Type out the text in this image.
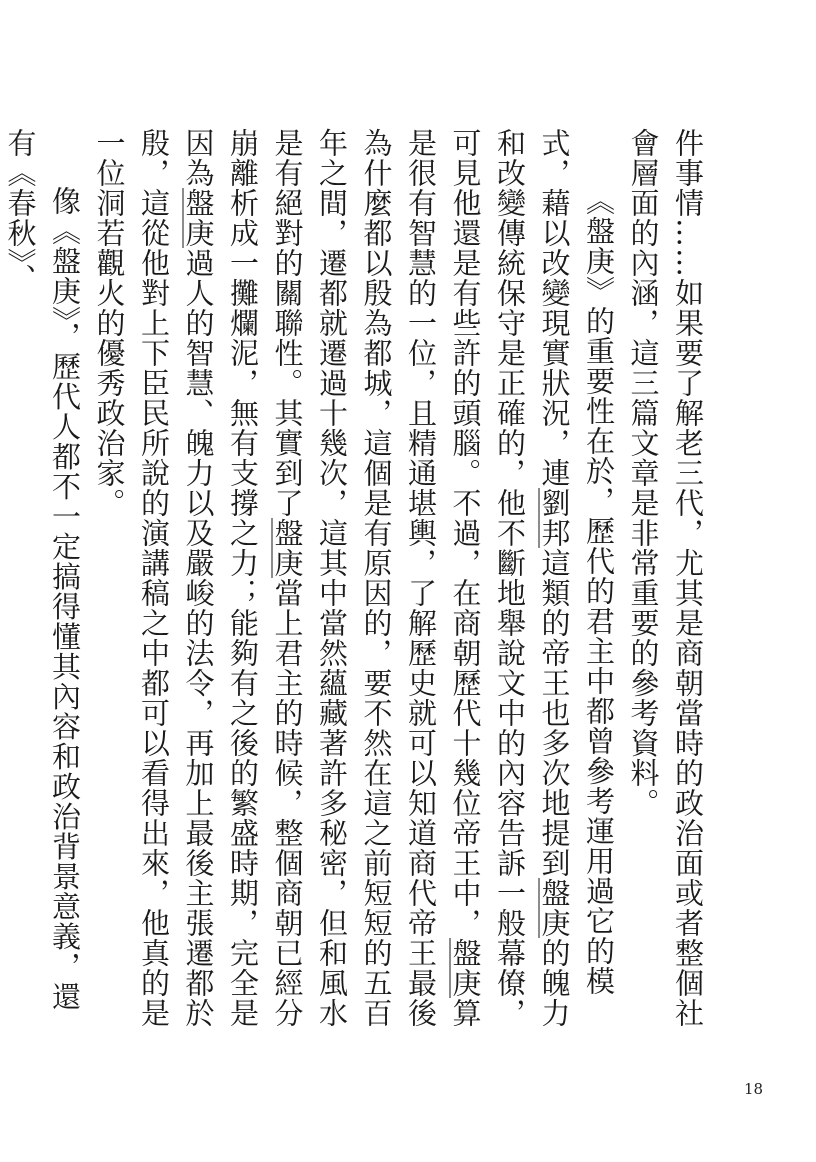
件事情……如果要了解老三代，尤其是商朝當時的政治面或者整個社會層面的內涵，這三篇文章是非常重要的參考資料。

《盤庚》的重要性在於，歷代的君主中都曾參考運用過它的模式，藉以改變現實狀況，連劉邦這類的帝王也多次地提到盤庚的魄力和改變傳統保守是正確的，他不斷地舉說文中的內容告訴一般幕僚，可見他還是有些許的頭腦。不過，在商朝歷代十幾位帝王中，盤庚算是很有智慧的一位，且精通堪輿，了解歷史就可以知道商代帝王最後為什麼都以殷為都城，這個是有原因的，要不然在這之前短短的五百年之間，遷都就遷過十幾次，這其中當然蘊藏著許多秘密，但和風水是有絕對的關聯性。其實到了盤庚當上君主的時候，整個商朝已經分崩離析成一攤爛泥，無有支撐之力；能夠有之後的繁盛時期，完全是因為盤庚過人的智慧、魄力以及嚴峻的法令，再加上最後主張遷都於殷，這從他對上下臣民所說的演講稿之中都可以看得出來，他真的是一位洞若觀火的優秀政治家。

像《盤庚》，歷代人都不一定搞得懂其內容和政治背景意義，還有《春秋》、

18
